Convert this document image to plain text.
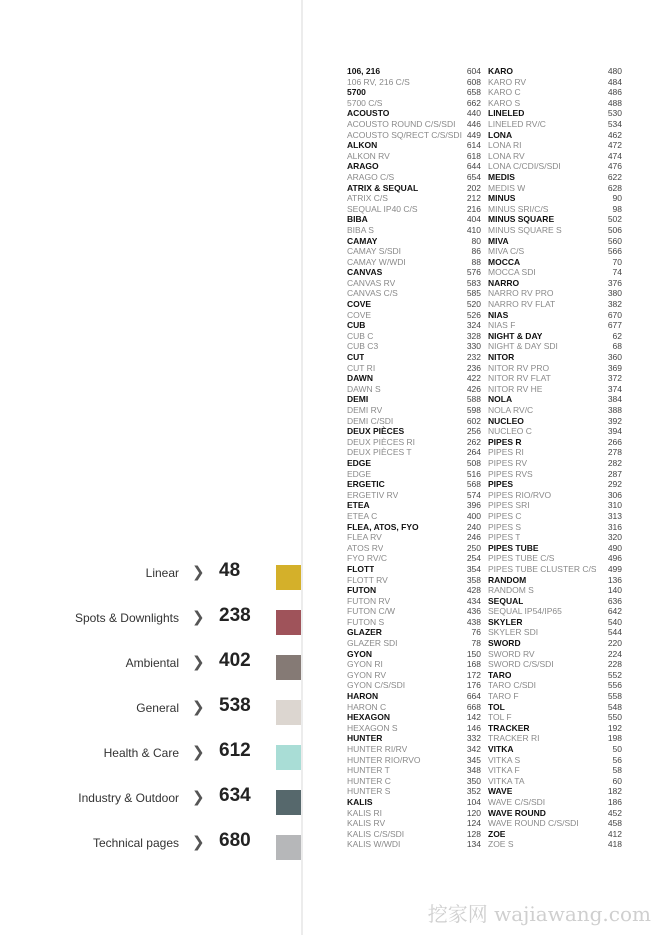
Linear ❯ 48
Spots & Downlights ❯ 238
Ambiental ❯ 402
General ❯ 538
Health & Care ❯ 612
Industry & Outdoor ❯ 634
Technical pages ❯ 680
106, 216	604
106 RV, 216 C/S	608
5700	658
5700 C/S	662
ACOUSTO	440
ACOUSTO ROUND C/S/SDI 446
ACOUSTO SQ/RECT C/S/SDI 449
ALKON	614
ALKON RV	618
ARAGO	644
ARAGO C/S	654
ATRIX & SEQUAL	202
ATRIX C/S	212
SEQUAL IP40 C/S	216
BIBA	404
BIBA S	410
CAMAY	80
CAMAY S/SDI	86
CAMAY W/WDI	88
CANVAS	576
CANVAS RV	583
CANVAS C/S	585
COVE	520
COVE	526
CUB	324
CUB C	328
CUB C3	330
CUT	232
CUT RI	236
DAWN	422
DAWN S	426
DEMI	588
DEMI RV	598
DEMI C/SDI	602
DEUX PIÈCES	256
DEUX PIÈCES RI	262
DEUX PIÈCES T	264
EDGE	508
EDGE	516
ERGETIC	568
ERGETIV RV	574
ETEA	396
ETEA C	400
FLEA, ATOS, FYO	240
FLEA RV	246
ATOS RV	250
FYO RV/C	254
FLOTT	354
FLOTT RV	358
FUTON	428
FUTON RV	434
FUTON C/W	436
FUTON S	438
GLAZER	76
GLAZER SDI	78
GYON	150
GYON RI	168
GYON RV	172
GYON C/S/SDI	176
HARON	664
HARON C	668
HEXAGON	142
HEXAGON S	146
HUNTER	332
HUNTER RI/RV	342
HUNTER RIO/RVO	345
HUNTER T	348
HUNTER C	350
HUNTER S	352
KALIS	104
KALIS RI	120
KALIS RV	124
KALIS C/S/SDI	128
KALIS W/WDI	134
KARO	480
KARO RV	484
KARO C	486
KARO S	488
LINELED	530
LINELED RV/C	534
LONA	462
LONA RI	472
LONA RV	474
LONA C/CDI/S/SDI	476
MEDIS	622
MEDIS W	628
MINUS	90
MINUS SRI/C/S	98
MINUS SQUARE	502
MINUS SQUARE S	506
MIVA	560
MIVA C/S	566
MOCCA	70
MOCCA SDI	74
NARRO	376
NARRO RV PRO	380
NARRO RV FLAT	382
NIAS	670
NIAS F	677
NIGHT & DAY	62
NIGHT & DAY SDI	68
NITOR	360
NITOR RV PRO	369
NITOR RV FLAT	372
NITOR RV HE	374
NOLA	384
NOLA RV/C	388
NUCLEO	392
NUCLEO C	394
PIPES R	266
PIPES RI	278
PIPES RV	282
PIPES RVS	287
PIPES	292
PIPES RIO/RVO	306
PIPES SRI	310
PIPES C	313
PIPES S	316
PIPES T	320
PIPES TUBE	490
PIPES TUBE C/S	496
PIPES TUBE CLUSTER C/S 499
RANDOM	136
RANDOM S	140
SEQUAL	636
SEQUAL IP54/IP65	642
SKYLER	540
SKYLER SDI	544
SWORD	220
SWORD RV	224
SWORD C/S/SDI	228
TARO	552
TARO C/SDI	556
TARO F	558
TOL	548
TOL F	550
TRACKER	192
TRACKER RI	198
VITKA	50
VITKA S	56
VITKA F	58
VITKA TA	60
WAVE	182
WAVE C/S/SDI	186
WAVE ROUND	452
WAVE ROUND C/S/SDI	458
ZOE	412
ZOE S	418
挖家网 wajiawang.com
